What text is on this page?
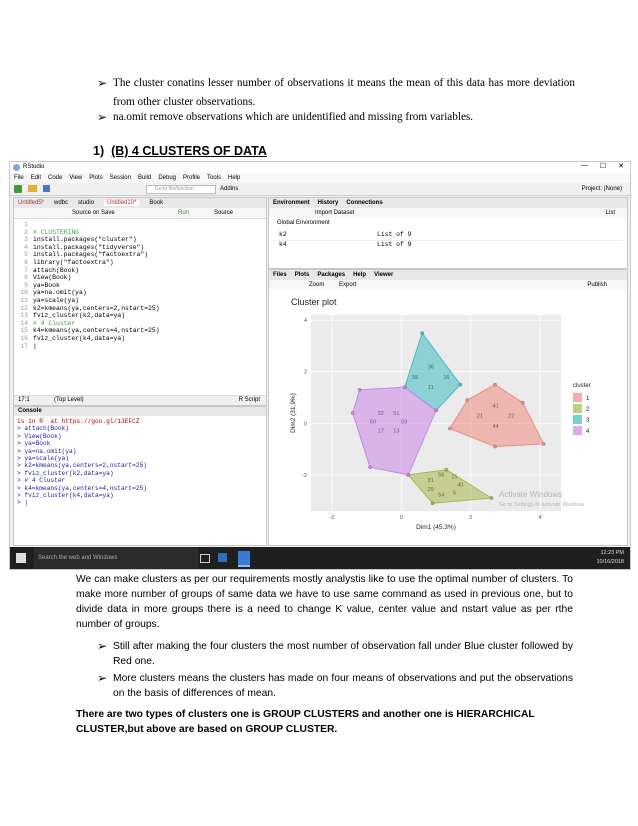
➢ The cluster conatins lesser number of observations it means the mean of this data has more deviation from other cluster observations.
➢ na.omit remove observations which are unidentified and missing from variables.
1) (B) 4 CLUSTERS OF DATA
RStudio	— ☐ ✕
File Edit Code View Plots Session Build Debug Profile Tools Help
Go to file/function	Addins	Project: (None)
Untitled5* wdbc studio	Untitled10*	Book
Source on Save	Run	Source
1
2 # CLUSTERING
3 install.packages("cluster")
4 install.packages("tidyverse")
5 install.packages("factoextra")
6 library("factoextra")
7 attach(Book)
8 View(Book)
9 ya=Book
10 ya=na.omit(ya)
11 ya=scale(ya)
12 k2=kmeans(ya,centers=2,nstart=25)
13 fviz_cluster(k2,data=ya)
14 # 4 Cluster
15 k4=kmeans(ya,centers=4,nstart=25)
16 fviz_cluster(k4,data=ya)
17 |
17:1	(Top Level)	R Script
Console
is in R  at https://goo.gl/13EFCZ
> attach(Book)
> View(Book)
> ya=Book
> ya=na.omit(ya)
> ya=scale(ya)
> k2=kmeans(ya,centers=2,nstart=25)
> fviz_cluster(k2,data=ya)
> # 4 Cluster
> k4=kmeans(ya,centers=4,nstart=25)
> fviz_cluster(k4,data=ya)
> |
Environment History Connections
Import Dataset	List
Global Environment
k2	List of 9
k4	List of 9
Files Plots Packages Help Viewer
Zoom Export	Publish
Cluster plot
-2	0	2	4
-2
0
2
4
Dim1 (45.3%)
Dim2 (31.9%)	22
41
21
44
40
15
56
31
29
54 5
16
36
55
11
59
51
32
50
17 13
cluster
1
2
3
4
Activate Windows
Go to Settings to activate Windows.
Search the web and Windows
12:23 PM
10/16/2018
We can make clusters as per our requirements mostly analystis like to use the optimal number of clusters. To make more number of groups of same data we have to use same command as used in previous one, but to divide data in more groups there is a need to change K value, center value and nstart value as per rthe number of groups.
➢ Still after making the four clusters the most number of observation fall under Blue cluster followed by Red one.
➢ More clusters means the clusters has made on four means of observations and put the observations on the basis of differences of mean.
There are two types of clusters one is GROUP CLUSTERS and another one is HIERARCHICAL CLUSTER,but above are based on GROUP CLUSTER.
